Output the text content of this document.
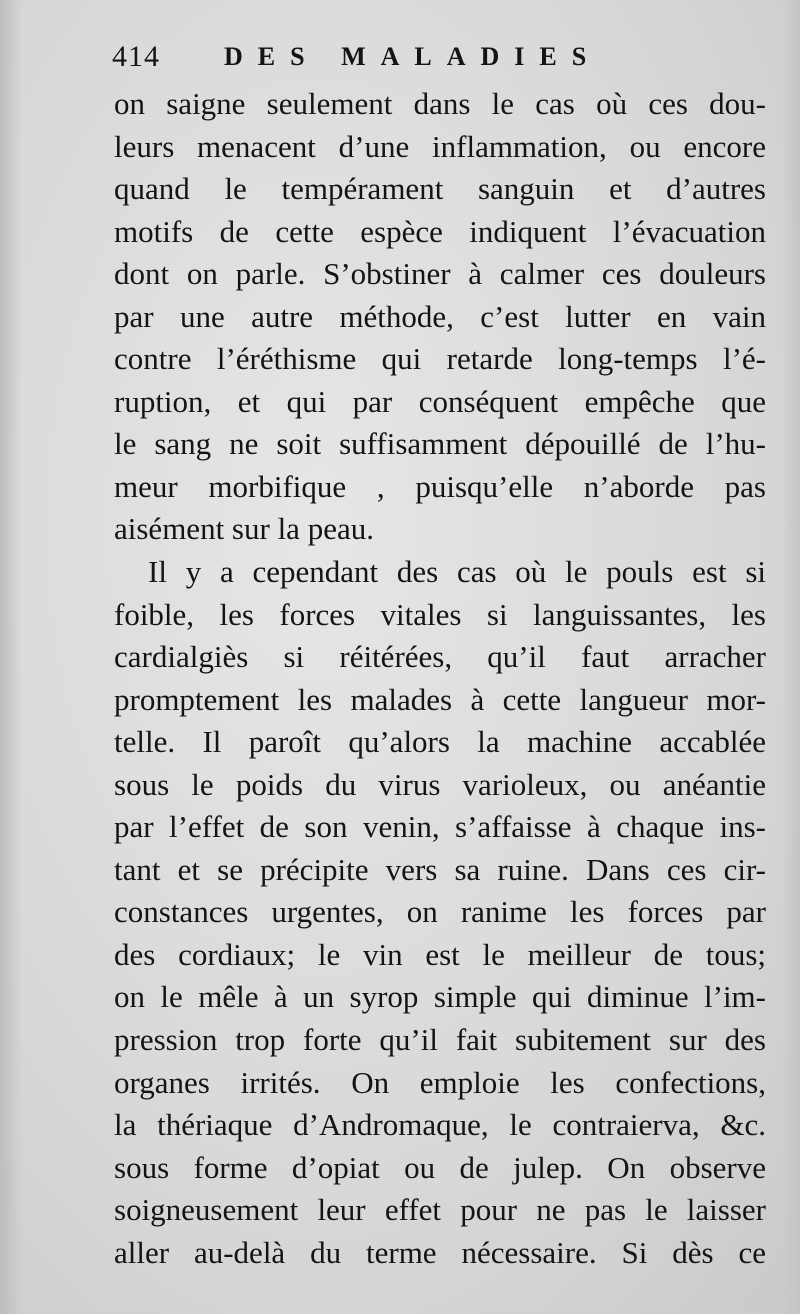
414 DES MALADIES
on saigne seulement dans le cas où ces dou-
leurs menacent d’une inflammation, ou encore
quand le tempérament sanguin et d’autres
motifs de cette espèce indiquent l’évacuation
dont on parle. S’obstiner à calmer ces douleurs
par une autre méthode, c’est lutter en vain
contre l’éréthisme qui retarde long-temps l’é-
ruption, et qui par conséquent empêche que
le sang ne soit suffisamment dépouillé de l’hu-
meur morbifique , puisqu’elle n’aborde pas
aisément sur la peau.
Il y a cependant des cas où le pouls est si
foible, les forces vitales si languissantes, les
cardialgiès si réitérées, qu’il faut arracher
promptement les malades à cette langueur mor-
telle. Il paroît qu’alors la machine accablée
sous le poids du virus varioleux, ou anéantie
par l’effet de son venin, s’affaisse à chaque ins-
tant et se précipite vers sa ruine. Dans ces cir-
constances urgentes, on ranime les forces par
des cordiaux; le vin est le meilleur de tous;
on le mêle à un syrop simple qui diminue l’im-
pression trop forte qu’il fait subitement sur des
organes irrités. On emploie les confections,
la thériaque d’Andromaque, le contraierva, &c.
sous forme d’opiat ou de julep. On observe
soigneusement leur effet pour ne pas le laisser
aller au-delà du terme nécessaire. Si dès ce
